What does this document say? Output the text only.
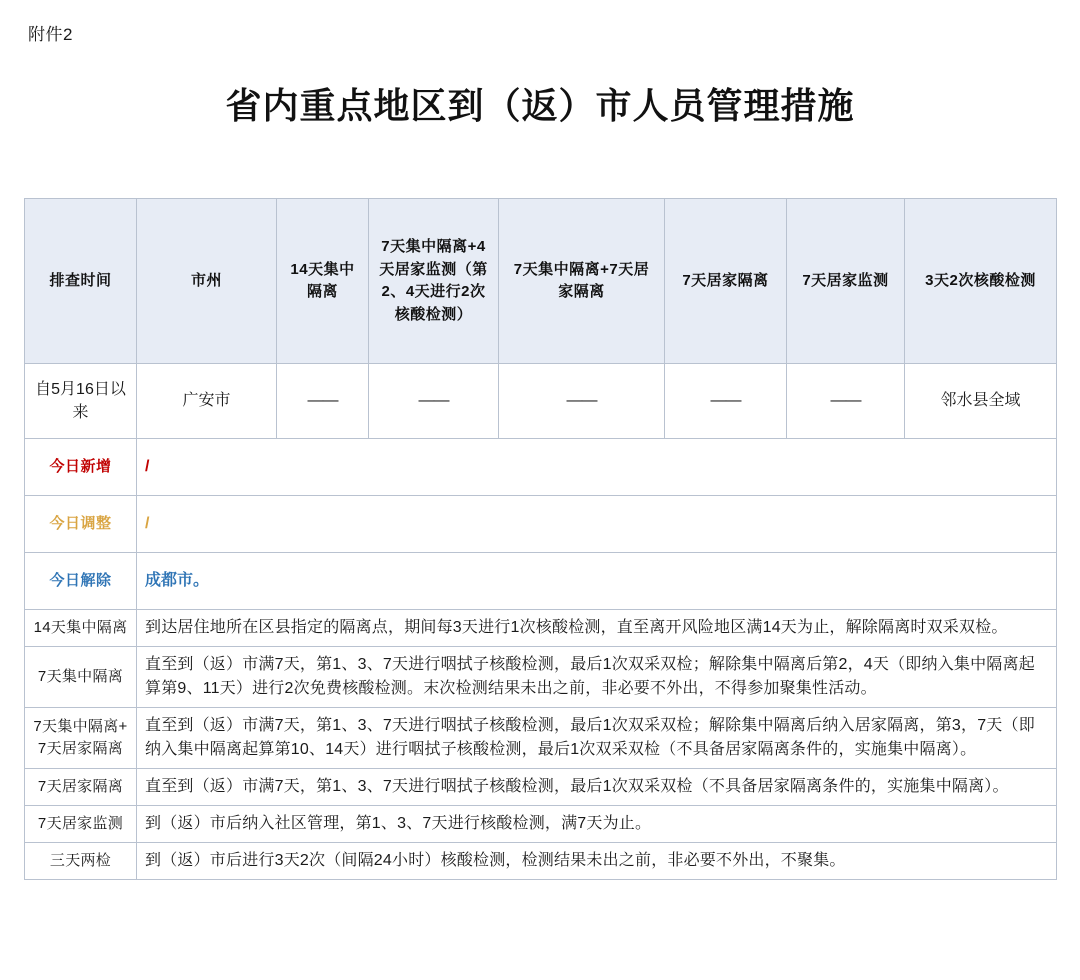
附件2
省内重点地区到（返）市人员管理措施
排查时间	市州	14天集中隔离	7天集中隔离+4天居家监测（第2、4天进行2次核酸检测）	7天集中隔离+7天居家隔离	7天居家隔离	7天居家监测	3天2次核酸检测
自5月16日以来	广安市	——	——	——	——	——	邻水县全域
今日新增	/						
今日调整	/						
今日解除	成都市。						
14天集中隔离	到达居住地所在区县指定的隔离点，期间每3天进行1次核酸检测，直至离开风险地区满14天为止，解除隔离时双采双检。						
7天集中隔离	直至到（返）市满7天，第1、3、7天进行咽拭子核酸检测，最后1次双采双检；解除集中隔离后第2，4天（即纳入集中隔离起算第9、11天）进行2次免费核酸检测。末次检测结果未出之前，非必要不外出，不得参加聚集性活动。						
7天集中隔离+7天居家隔离	直至到（返）市满7天，第1、3、7天进行咽拭子核酸检测，最后1次双采双检；解除集中隔离后纳入居家隔离，第3，7天（即纳入集中隔离起算第10、14天）进行咽拭子核酸检测，最后1次双采双检（不具备居家隔离条件的，实施集中隔离）。						
7天居家隔离	直至到（返）市满7天，第1、3、7天进行咽拭子核酸检测，最后1次双采双检（不具备居家隔离条件的，实施集中隔离）。						
7天居家监测	到（返）市后纳入社区管理，第1、3、7天进行核酸检测，满7天为止。						
三天两检	到（返）市后进行3天2次（间隔24小时）核酸检测，检测结果未出之前，非必要不外出，不聚集。						
